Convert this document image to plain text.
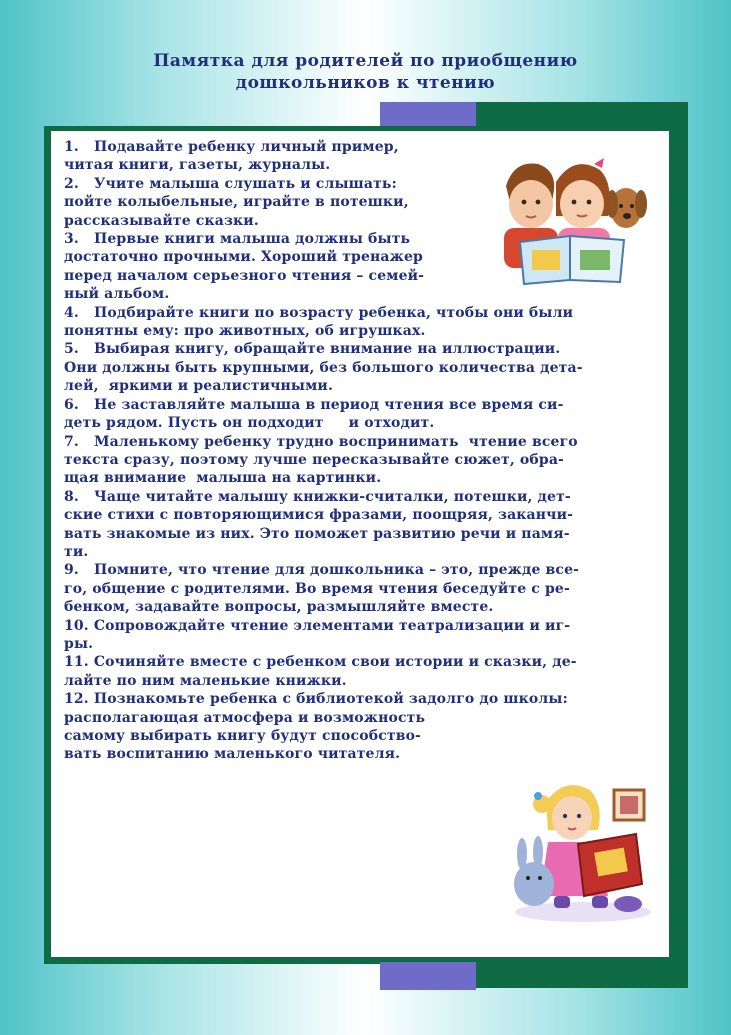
Памятка для родителей по приобщению
дошкольников к чтению
1.   Подавайте ребенку личный пример,
читая книги, газеты, журналы.
2.   Учите малыша слушать и слышать:
пойте колыбельные, играйте в потешки,
рассказывайте сказки.
3.   Первые книги малыша должны быть
достаточно прочными. Хороший тренажер
перед началом серьезного чтения – семей-
ный альбом.
4.   Подбирайте книги по возрасту ребенка, чтобы они были
понятны ему: про животных, об игрушках.
5.   Выбирая книгу, обращайте внимание на иллюстрации.
Они должны быть крупными, без большого количества дета-
лей,  яркими и реалистичными.
6.   Не заставляйте малыша в период чтения все время си-
деть рядом. Пусть он подходит     и отходит.
7.   Маленькому ребенку трудно воспринимать  чтение всего
текста сразу, поэтому лучше пересказывайте сюжет, обра-
щая внимание  малыша на картинки.
8.   Чаще читайте малышу книжки-считалки, потешки, дет-
ские стихи с повторяющимися фразами, поощряя, заканчи-
вать знакомые из них. Это поможет развитию речи и памя-
ти.
9.   Помните, что чтение для дошкольника – это, прежде все-
го, общение с родителями. Во время чтения беседуйте с ре-
бенком, задавайте вопросы, размышляйте вместе.
10. Сопровождайте чтение элементами театрализации и иг-
ры.
11. Сочиняйте вместе с ребенком свои истории и сказки, де-
лайте по ним маленькие книжки.
12. Познакомьте ребенка с библиотекой задолго до школы:
располагающая атмосфера и возможность
самому выбирать книгу будут способство-
вать воспитанию маленького читателя.
